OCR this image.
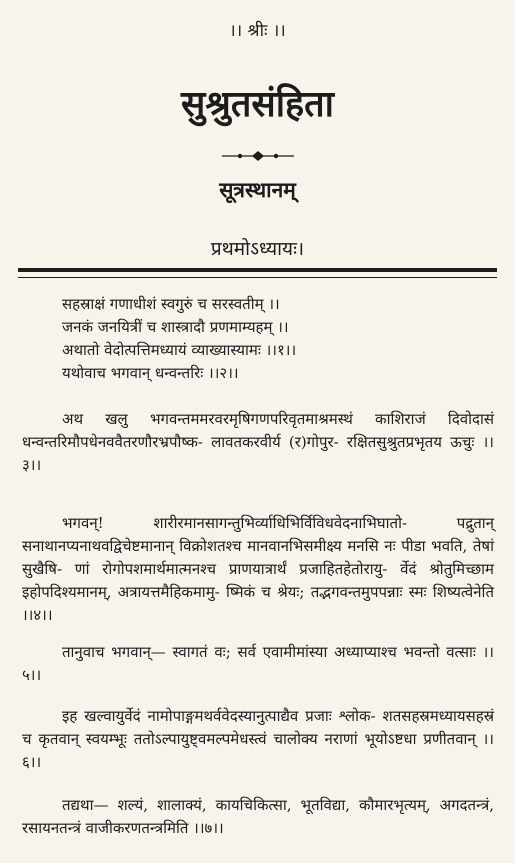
।। श्रीः ।।
सुश्रुतसंहिता
सूत्रस्थानम्
प्रथमोऽध्यायः।
सहस्राक्षं गणाधीशं स्वगुरुं च सरस्वतीम् ।।
जनकं जनयित्रीं च शास्त्रादौ प्रणमाम्यहम् ।।
अथातो वेदोत्पत्तिमध्यायं व्याख्यास्यामः ।।१।।
यथोवाच भगवान् धन्वन्तरिः ।।२।।
अथ खलु भगवन्तममरवरमृषिगणपरिवृतमाश्रमस्थं काशिराजं दिवोदासं धन्वन्तरिमौपधेनववैतरणौरभ्रपौष्क- लावतकरवीर्य (र)गोपुर- रक्षितसुश्रुतप्रभृतय ऊचुः ।।३।।
भगवन्! शारीरमानसागन्तुभिर्व्याधिभिर्विविधवेदनाभिघातो- पद्रुतान् सनाथानप्यनाथवद्विचेष्टमानान् विक्रोशतश्च मानवानभिसमीक्ष्य मनसि नः पीडा भवति, तेषां सुखैषि- णां रोगोपशमार्थमात्मनश्च प्राणयात्रार्थं प्रजाहितहेतोरायु- र्वेदं श्रोतुमिच्छाम इहोपदिश्यमानम्, अत्रायत्तमैहिकमामु- ष्मिकं च श्रेयः; तद्भगवन्तमुपपन्नाः स्मः शिष्यत्वेनेति ।।४।।
तानुवाच भगवान्— स्वागतं वः; सर्व एवामीमांस्या अध्याप्याश्च भवन्तो वत्साः ।।५।।
इह खल्वायुर्वेदं नामोपाङ्गमथर्ववेदस्यानुत्पाद्यैव प्रजाः श्लोक- शतसहस्रमध्यायसहस्रं च कृतवान् स्वयम्भूः ततोऽल्पायुष्ट्वमल्पमेधस्त्वं चालोक्य नराणां भूयोऽष्टधा प्रणीतवान् ।।६।।
तद्यथा— शल्यं, शालाक्यं, कायचिकित्सा, भूतविद्या, कौमारभृत्यम्, अगदतन्त्रं, रसायनतन्त्रं वाजीकरणतन्त्रमिति ।।७।।
